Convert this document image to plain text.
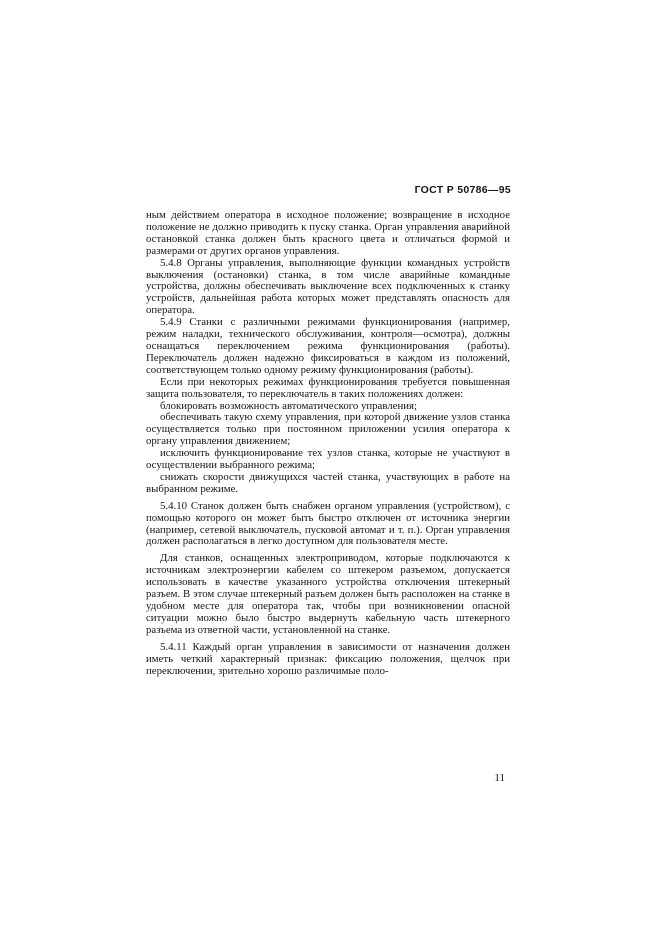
ГОСТ Р 50786—95

ным действием оператора в исходное положение; возвращение в исходное положение не должно приводить к пуску станка. Орган управления аварийной остановкой станка должен быть красного цвета и отличаться формой и размерами от других органов управления.

5.4.8 Органы управления, выполняющие функции командных устройств выключения (остановки) станка, в том числе аварийные командные устройства, должны обеспечивать выключение всех подключенных к станку устройств, дальнейшая работа которых может представлять опасность для оператора.

5.4.9 Станки с различными режимами функционирования (например, режим наладки, технического обслуживания, контроля—осмотра), должны оснащаться переключением режима функционирования (работы). Переключатель должен надежно фиксироваться в каждом из положений, соответствующем только одному режиму функционирования (работы).

Если при некоторых режимах функционирования требуется повышенная защита пользователя, то переключатель в таких положениях должен:

блокировать возможность автоматического управления;

обеспечивать такую схему управления, при которой движение узлов станка осуществляется только при постоянном приложении усилия оператора к органу управления движением;

исключить функционирование тех узлов станка, которые не участвуют в осуществлении выбранного режима;

снижать скорости движущихся частей станка, участвующих в работе на выбранном режиме.

5.4.10 Станок должен быть снабжен органом управления (устройством), с помощью которого он может быть быстро отключен от источника энергии (например, сетевой выключатель, пусковой автомат и т. п.). Орган управления должен располагаться в легко доступном для пользователя месте.

Для станков, оснащенных электроприводом, которые подключаются к источникам электроэнергии кабелем со штекером разъемом, допускается использовать в качестве указанного устройства отключения штекерный разъем. В этом случае штекерный разъем должен быть расположен на станке в удобном месте для оператора так, чтобы при возникновении опасной ситуации можно было быстро выдернуть кабельную часть штекерного разъема из ответной части, установленной на станке.

5.4.11 Каждый орган управления в зависимости от назначения должен иметь четкий характерный признак: фиксацию положения, щелчок при переключении, зрительно хорошо различимые поло-

11
